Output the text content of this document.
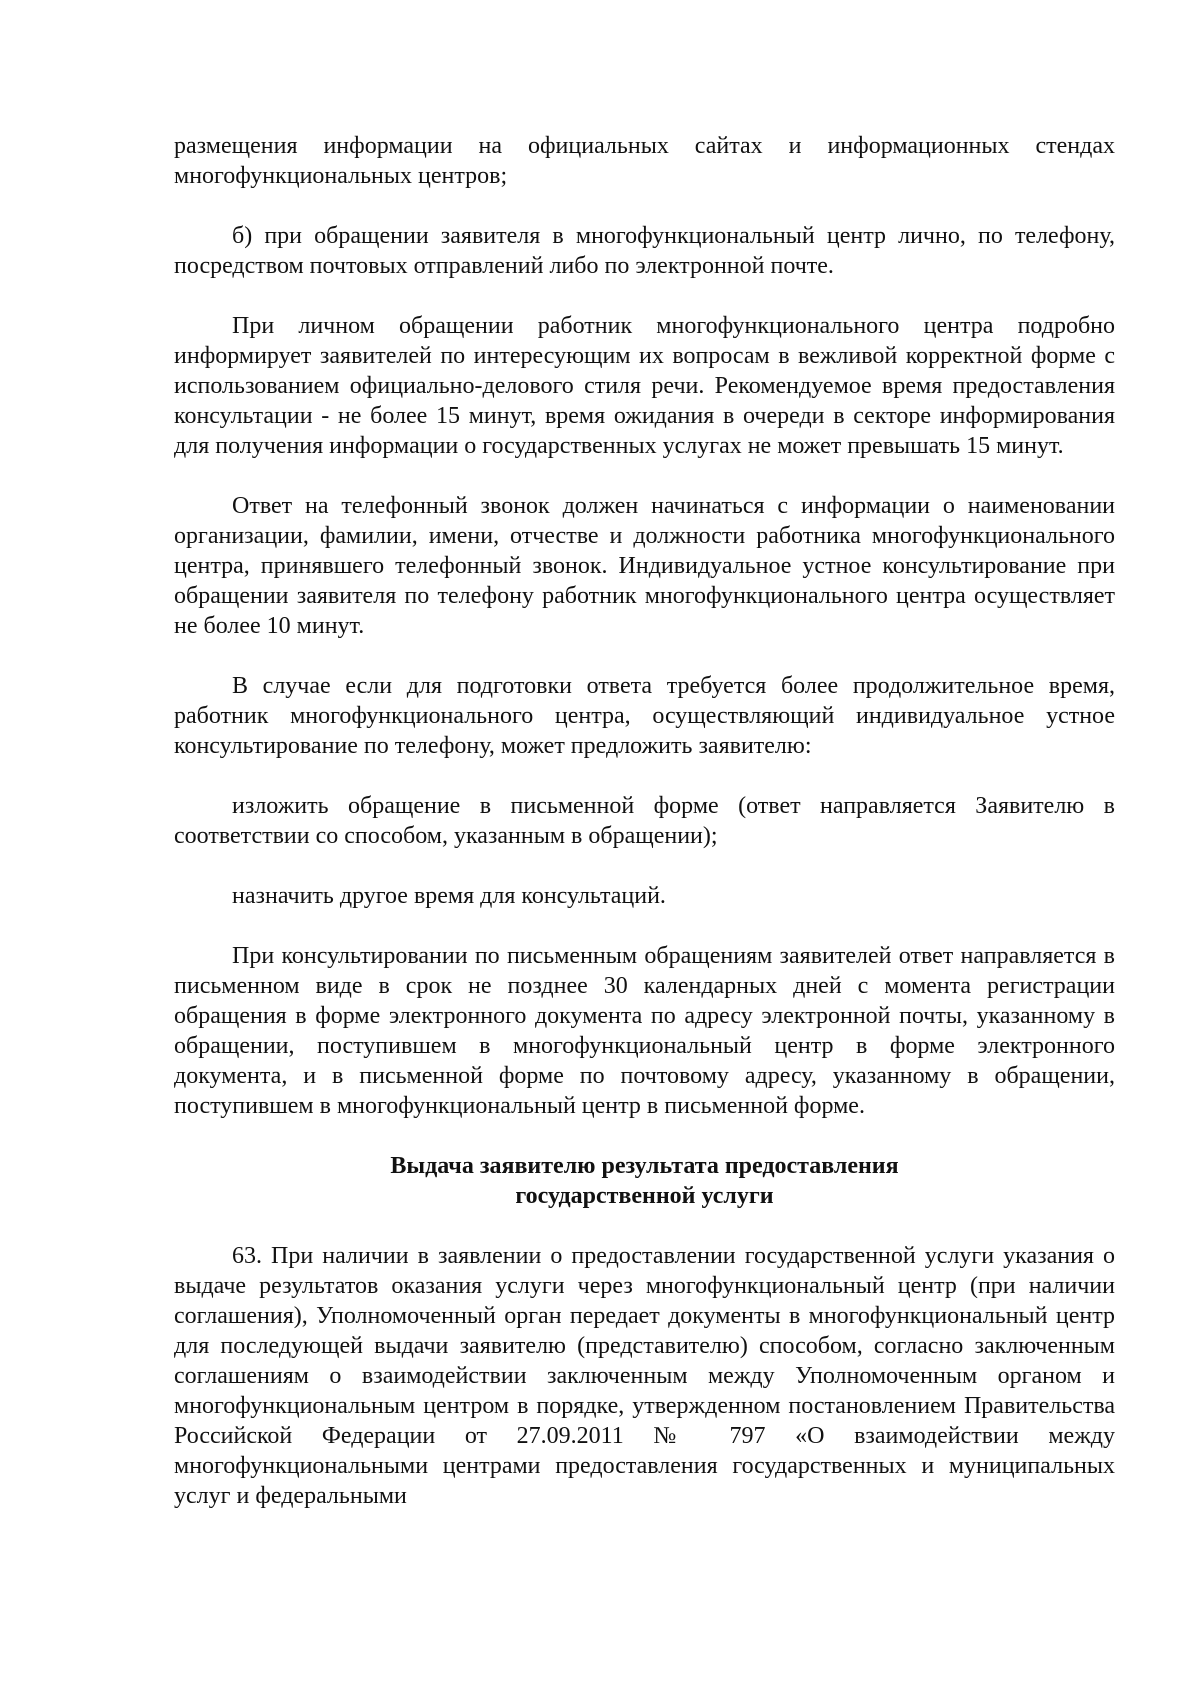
размещения информации на официальных сайтах и информационных стендах многофункциональных центров;

б) при обращении заявителя в многофункциональный центр лично, по телефону, посредством почтовых отправлений либо по электронной почте.

При личном обращении работник многофункционального центра подробно информирует заявителей по интересующим их вопросам в вежливой корректной форме с использованием официально-делового стиля речи. Рекомендуемое время предоставления консультации - не более 15 минут, время ожидания в очереди в секторе информирования для получения информации о государственных услугах не может превышать 15 минут.

Ответ на телефонный звонок должен начинаться с информации о наименовании организации, фамилии, имени, отчестве и должности работника многофункционального центра, принявшего телефонный звонок. Индивидуальное устное консультирование при обращении заявителя по телефону работник многофункционального центра осуществляет не более 10 минут.

В случае если для подготовки ответа требуется более продолжительное время, работник многофункционального центра, осуществляющий индивидуальное устное консультирование по телефону, может предложить заявителю:

изложить обращение в письменной форме (ответ направляется Заявителю в соответствии со способом, указанным в обращении);

назначить другое время для консультаций.

При консультировании по письменным обращениям заявителей ответ направляется в письменном виде в срок не позднее 30 календарных дней с момента регистрации обращения в форме электронного документа по адресу электронной почты, указанному в обращении, поступившем в многофункциональный центр в форме электронного документа, и в письменной форме по почтовому адресу, указанному в обращении, поступившем в многофункциональный центр в письменной форме.

Выдача заявителю результата предоставления
государственной услуги

63. При наличии в заявлении о предоставлении государственной услуги указания о выдаче результатов оказания услуги через многофункциональный центр (при наличии соглашения), Уполномоченный орган передает документы в многофункциональный центр для последующей выдачи заявителю (представителю) способом, согласно заключенным соглашениям о взаимодействии заключенным между Уполномоченным органом и многофункциональным центром в порядке, утвержденном постановлением Правительства Российской Федерации от 27.09.2011 № 797 «О взаимодействии между многофункциональными центрами предоставления государственных и муниципальных услуг и федеральными
